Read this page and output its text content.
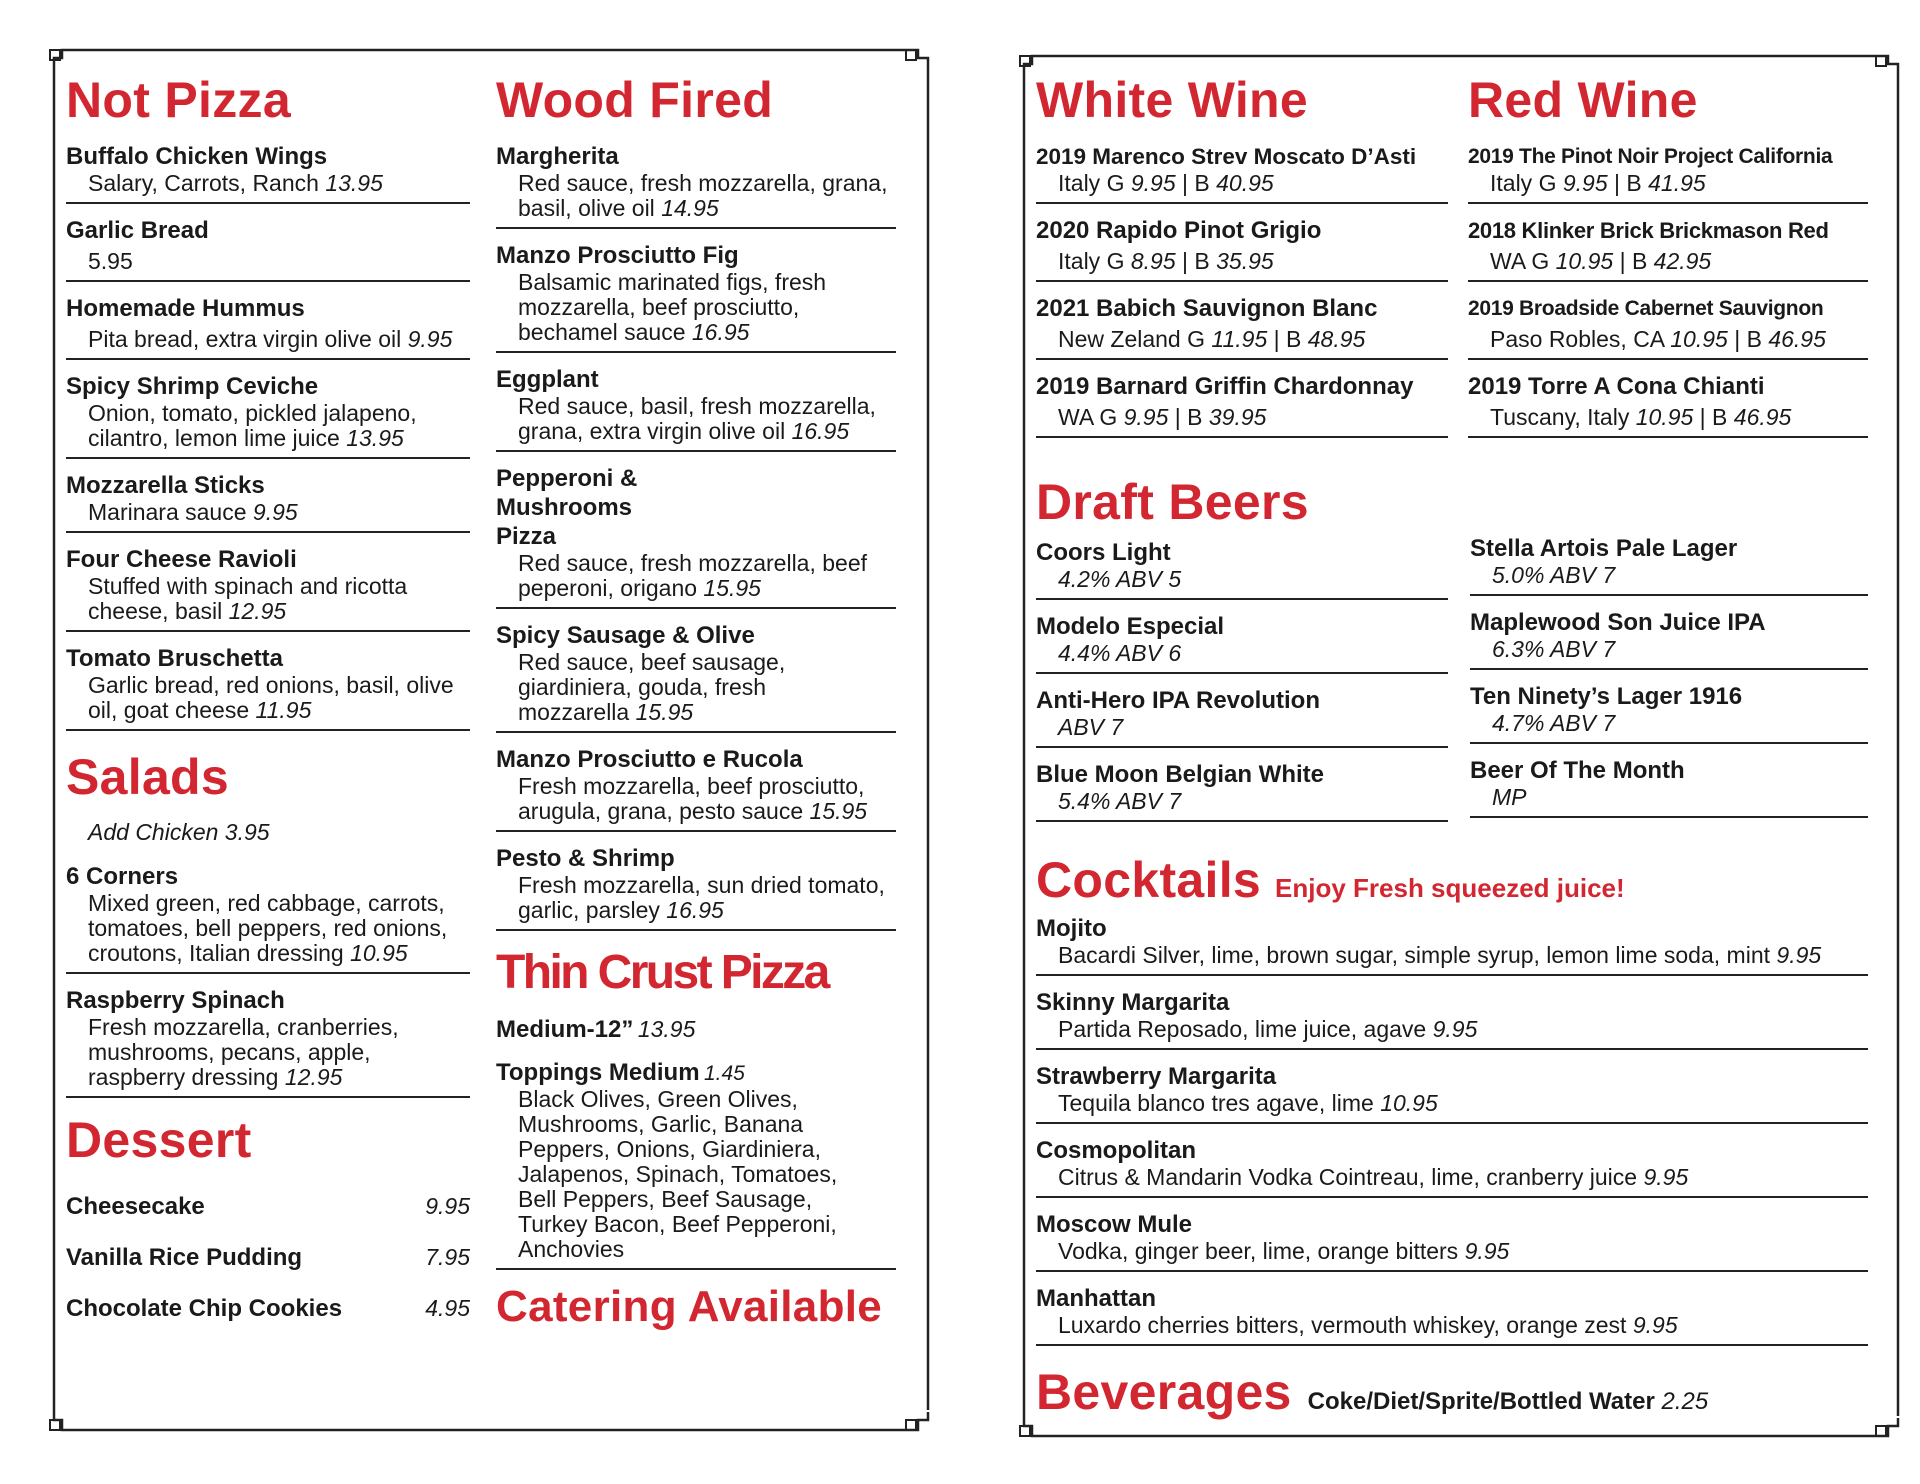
Not Pizza
Buffalo Chicken Wings
Salary, Carrots, Ranch 13.95
Garlic Bread
5.95
Homemade Hummus
Pita bread, extra virgin olive oil 9.95
Spicy Shrimp Ceviche
Onion, tomato, pickled jalapeno, cilantro, lemon lime juice 13.95
Mozzarella Sticks
Marinara sauce 9.95
Four Cheese Ravioli
Stuffed with spinach and ricotta cheese, basil 12.95
Tomato Bruschetta
Garlic bread, red onions, basil, olive oil, goat cheese 11.95
Salads
Add Chicken 3.95
6 Corners
Mixed green, red cabbage, carrots, tomatoes, bell peppers, red onions, croutons, Italian dressing 10.95
Raspberry Spinach
Fresh mozzarella, cranberries, mushrooms, pecans, apple, raspberry dressing 12.95
Dessert
Cheesecake	9.95
Vanilla Rice Pudding	7.95
Chocolate Chip Cookies	4.95
Wood Fired
Margherita
Red sauce, fresh mozzarella, grana, basil, olive oil 14.95
Manzo Prosciutto Fig
Balsamic marinated figs, fresh mozzarella, beef prosciutto, bechamel sauce 16.95
Eggplant
Red sauce, basil, fresh mozzarella, grana, extra virgin olive oil 16.95
Pepperoni & Mushrooms Pizza
Red sauce, fresh mozzarella, beef peperoni, origano 15.95
Spicy Sausage & Olive
Red sauce, beef sausage, giardiniera, gouda, fresh mozzarella 15.95
Manzo Prosciutto e Rucola
Fresh mozzarella, beef prosciutto, arugula, grana, pesto sauce 15.95
Pesto & Shrimp
Fresh mozzarella, sun dried tomato, garlic, parsley 16.95
Thin Crust Pizza
Medium-12” 13.95
Toppings Medium 1.45
Black Olives, Green Olives, Mushrooms, Garlic, Banana Peppers, Onions, Giardiniera, Jalapenos, Spinach, Tomatoes, Bell Peppers, Beef Sausage, Turkey Bacon, Beef Pepperoni, Anchovies
Catering Available
White Wine
2019 Marenco Strev Moscato D’Asti
Italy G 9.95 | B 40.95
2020 Rapido Pinot Grigio
Italy G 8.95 | B 35.95
2021 Babich Sauvignon Blanc
New Zeland G 11.95 | B 48.95
2019 Barnard Griffin Chardonnay
WA G 9.95 | B 39.95
Red Wine
2019 The Pinot Noir Project California
Italy G 9.95 | B 41.95
2018 Klinker Brick Brickmason Red
WA G 10.95 | B 42.95
2019 Broadside Cabernet Sauvignon
Paso Robles, CA 10.95 | B 46.95
2019 Torre A Cona Chianti
Tuscany, Italy 10.95 | B 46.95
Draft Beers
Coors Light
4.2% ABV 5
Modelo Especial
4.4% ABV 6
Anti-Hero IPA Revolution
ABV 7
Blue Moon Belgian White
5.4% ABV 7
Stella Artois Pale Lager
5.0% ABV 7
Maplewood Son Juice IPA
6.3% ABV 7
Ten Ninety’s Lager 1916
4.7% ABV 7
Beer Of The Month
MP
Cocktails Enjoy Fresh squeezed juice!
Mojito
Bacardi Silver, lime, brown sugar, simple syrup, lemon lime soda, mint 9.95
Skinny Margarita
Partida Reposado, lime juice, agave 9.95
Strawberry Margarita
Tequila blanco tres agave, lime 10.95
Cosmopolitan
Citrus & Mandarin Vodka Cointreau, lime, cranberry juice 9.95
Moscow Mule
Vodka, ginger beer, lime, orange bitters 9.95
Manhattan
Luxardo cherries bitters, vermouth whiskey, orange zest 9.95
Beverages Coke/Diet/Sprite/Bottled Water 2.25
